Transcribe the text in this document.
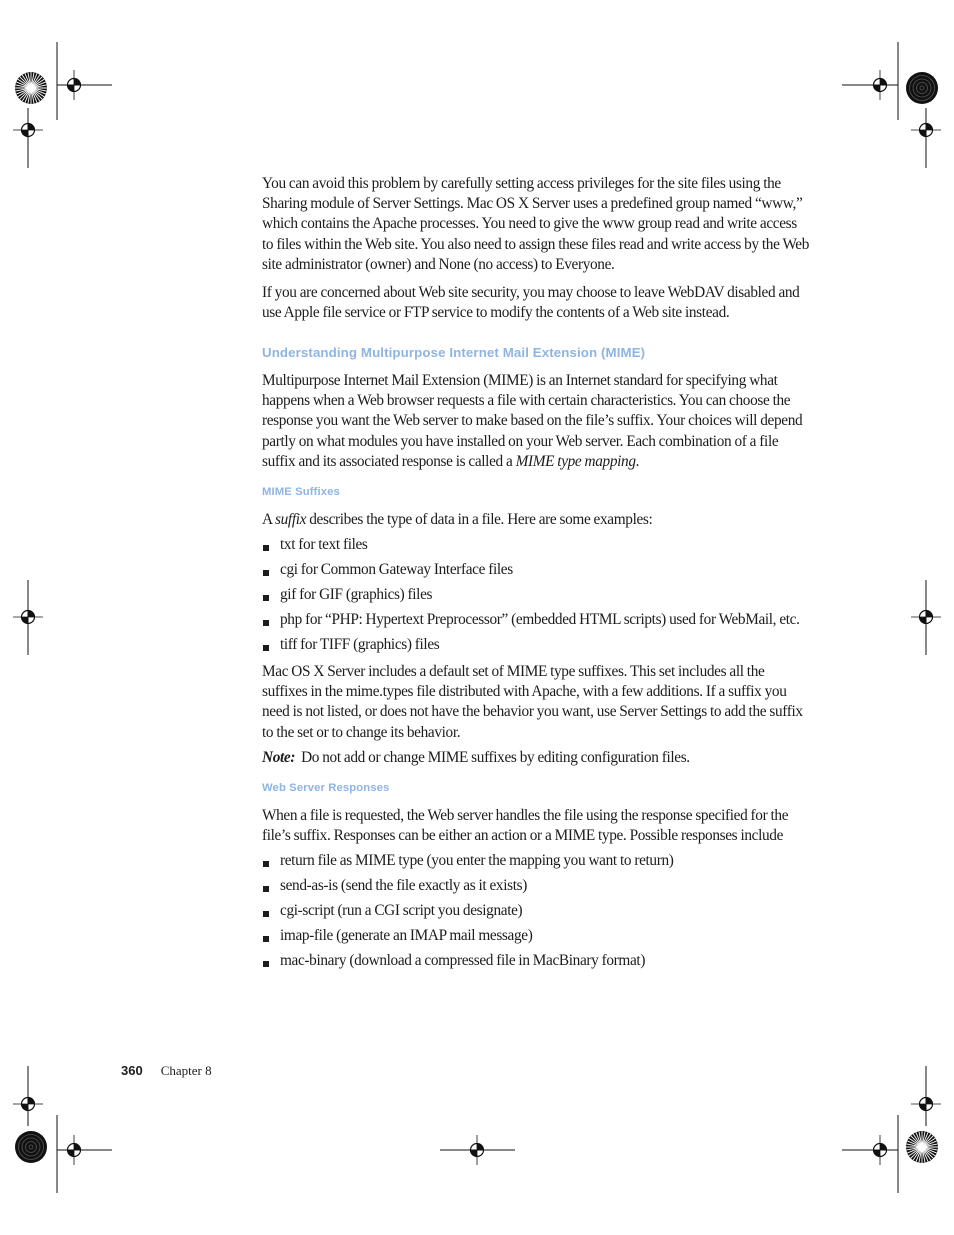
You can avoid this problem by carefully setting access privileges for the site files using the Sharing module of Server Settings. Mac OS X Server uses a predefined group named “www,” which contains the Apache processes. You need to give the www group read and write access to files within the Web site. You also need to assign these files read and write access by the Web site administrator (owner) and None (no access) to Everyone.

If you are concerned about Web site security, you may choose to leave WebDAV disabled and use Apple file service or FTP service to modify the contents of a Web site instead.

Understanding Multipurpose Internet Mail Extension (MIME)

Multipurpose Internet Mail Extension (MIME) is an Internet standard for specifying what happens when a Web browser requests a file with certain characteristics. You can choose the response you want the Web server to make based on the file’s suffix. Your choices will depend partly on what modules you have installed on your Web server. Each combination of a file suffix and its associated response is called a MIME type mapping.

MIME Suffixes

A suffix describes the type of data in a file. Here are some examples:

txt for text files
cgi for Common Gateway Interface files
gif for GIF (graphics) files
php for “PHP: Hypertext Preprocessor” (embedded HTML scripts) used for WebMail, etc.
tiff for TIFF (graphics) files

Mac OS X Server includes a default set of MIME type suffixes. This set includes all the suffixes in the mime.types file distributed with Apache, with a few additions. If a suffix you need is not listed, or does not have the behavior you want, use Server Settings to add the suffix to the set or to change its behavior.

Note: Do not add or change MIME suffixes by editing configuration files.

Web Server Responses

When a file is requested, the Web server handles the file using the response specified for the file’s suffix. Responses can be either an action or a MIME type. Possible responses include

return file as MIME type (you enter the mapping you want to return)
send-as-is (send the file exactly as it exists)
cgi-script (run a CGI script you designate)
imap-file (generate an IMAP mail message)
mac-binary (download a compressed file in MacBinary format)
360 Chapter 8
